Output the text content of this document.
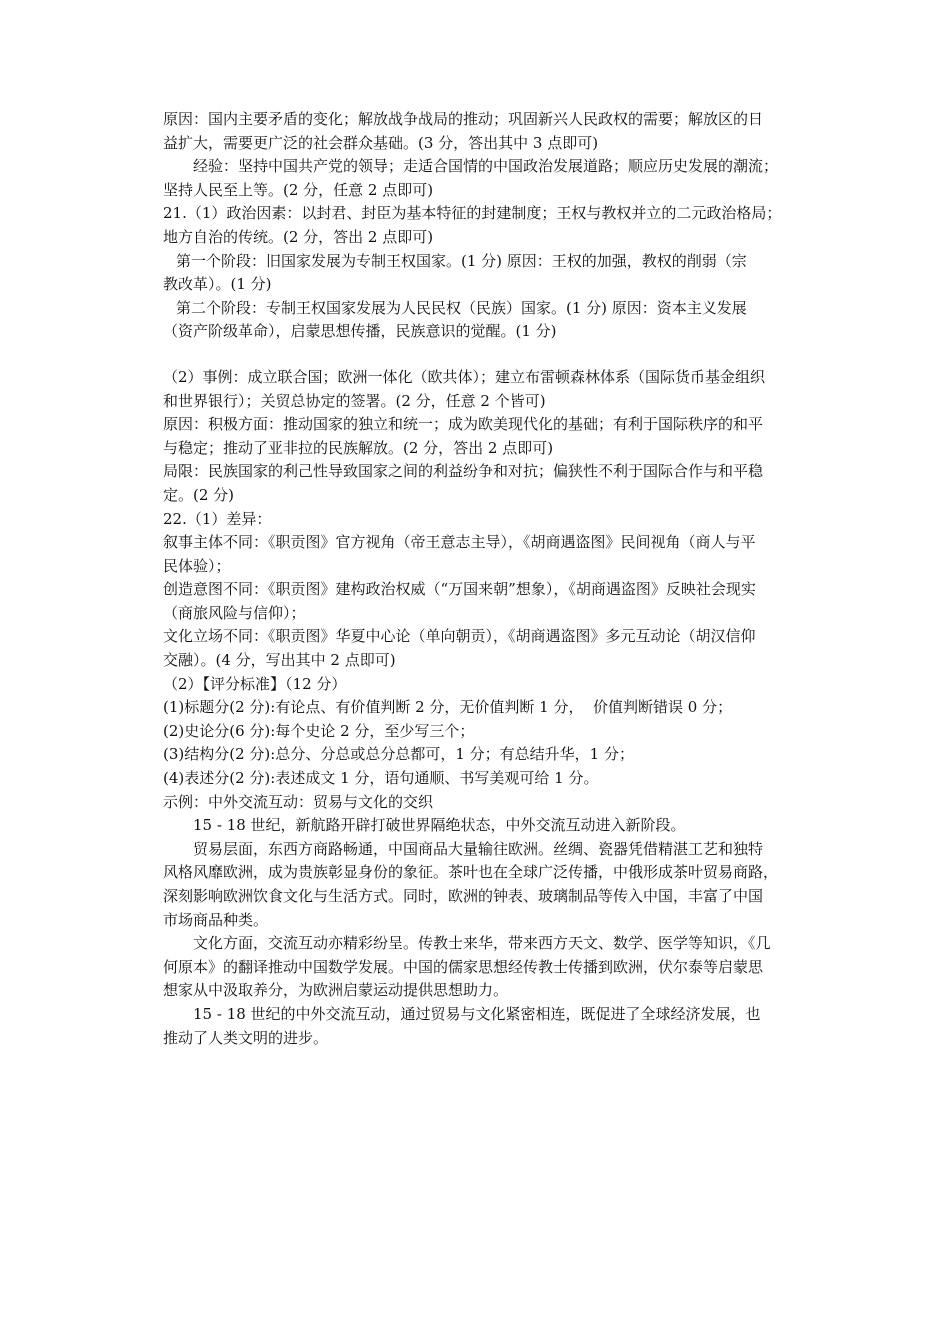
原因：国内主要矛盾的变化；解放战争战局的推动；巩固新兴人民政权的需要；解放区的日
益扩大，需要更广泛的社会群众基础。(3 分，答出其中 3 点即可)
经验：坚持中国共产党的领导；走适合国情的中国政治发展道路；顺应历史发展的潮流；
坚持人民至上等。(2 分，任意 2 点即可)
21.（1）政治因素：以封君、封臣为基本特征的封建制度；王权与教权并立的二元政治格局；
地方自治的传统。(2 分，答出 2 点即可)
第一个阶段：旧国家发展为专制王权国家。(1 分) 原因：王权的加强，教权的削弱（宗
教改革）。(1 分)
第二个阶段：专制王权国家发展为人民民权（民族）国家。(1 分) 原因：资本主义发展
（资产阶级革命），启蒙思想传播，民族意识的觉醒。(1 分)
（2）事例：成立联合国；欧洲一体化（欧共体）；建立布雷顿森林体系（国际货币基金组织
和世界银行）；关贸总协定的签署。(2 分，任意 2 个皆可)
原因：积极方面：推动国家的独立和统一；成为欧美现代化的基础；有利于国际秩序的和平
与稳定；推动了亚非拉的民族解放。(2 分，答出 2 点即可)
局限：民族国家的利己性导致国家之间的利益纷争和对抗；偏狭性不利于国际合作与和平稳
定。(2 分)
22.（1）差异：
叙事主体不同：《职贡图》官方视角（帝王意志主导），《胡商遇盗图》民间视角（商人与平
民体验）；
创造意图不同：《职贡图》建构政治权威（“万国来朝”想象），《胡商遇盗图》反映社会现实
（商旅风险与信仰）；
文化立场不同：《职贡图》华夏中心论（单向朝贡），《胡商遇盗图》多元互动论（胡汉信仰
交融）。(4 分，写出其中 2 点即可)
（2）【评分标准】（12 分）
(1)标题分(2 分):有论点、有价值判断 2 分，无价值判断 1 分，  价值判断错误 0 分；
(2)史论分(6 分):每个史论 2 分，至少写三个；
(3)结构分(2 分):总分、分总或总分总都可，1 分；有总结升华，1 分；
(4)表述分(2 分):表述成文 1 分，语句通顺、书写美观可给 1 分。
示例：中外交流互动：贸易与文化的交织
15 - 18 世纪，新航路开辟打破世界隔绝状态，中外交流互动进入新阶段。
贸易层面，东西方商路畅通，中国商品大量输往欧洲。丝绸、瓷器凭借精湛工艺和独特
风格风靡欧洲，成为贵族彰显身份的象征。茶叶也在全球广泛传播，中俄形成茶叶贸易商路，
深刻影响欧洲饮食文化与生活方式。同时，欧洲的钟表、玻璃制品等传入中国，丰富了中国
市场商品种类。
文化方面，交流互动亦精彩纷呈。传教士来华，带来西方天文、数学、医学等知识，《几
何原本》的翻译推动中国数学发展。中国的儒家思想经传教士传播到欧洲，伏尔泰等启蒙思
想家从中汲取养分，为欧洲启蒙运动提供思想助力。
15 - 18 世纪的中外交流互动，通过贸易与文化紧密相连，既促进了全球经济发展，也
推动了人类文明的进步。
